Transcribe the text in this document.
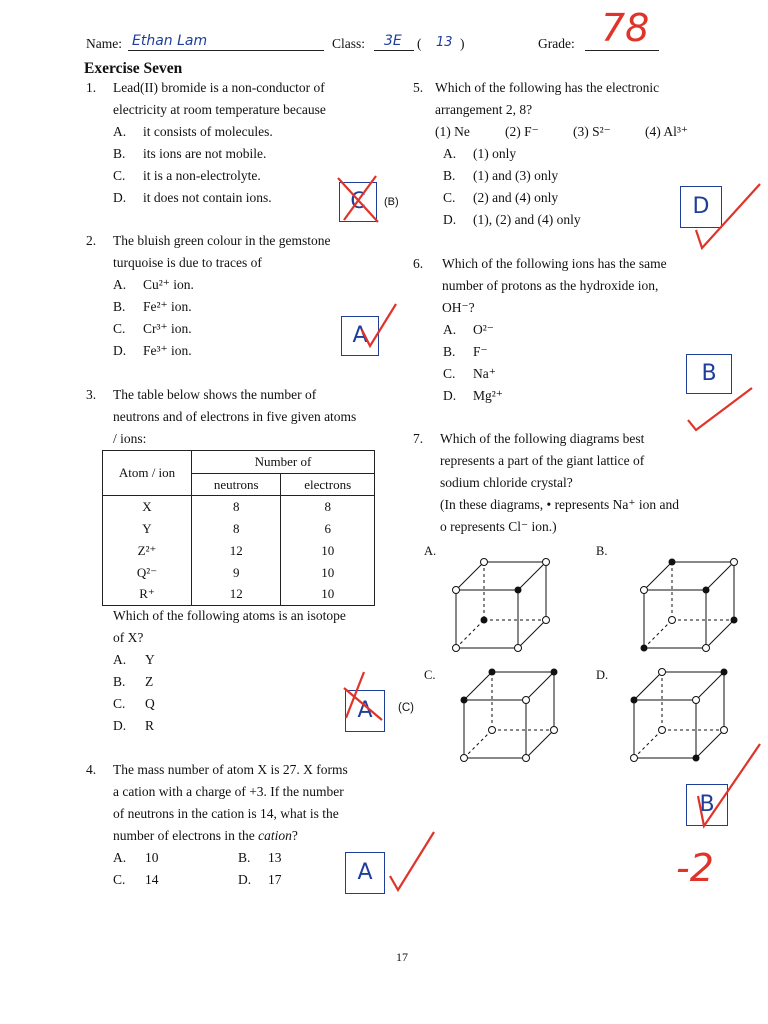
Name: Ethan Lam	Class: 3E ( 13 )	Grade: 78
Exercise Seven
1. Lead(II) bromide is a non-conductor of
electricity at room temperature because
A. it consists of molecules.
B. its ions are not mobile.
C. it is a non-electrolyte.
D. it does not contain ions.	C	(B)
2. The bluish green colour in the gemstone
turquoise is due to traces of
A. Cu²⁺ ion.
B. Fe²⁺ ion.
C. Cr³⁺ ion.
D. Fe³⁺ ion.
A
3. The table below shows the number of
neutrons and of electrons in five given atoms
/ ions:
Atom / ion	Number of	
	neutrons	electrons
X	8	8
Y	8	6
Z²⁺	12	10
Q²⁻	9	10
R⁺	12	10
Which of the following atoms is an isotope
of X?
A. Y
B. Z
C. Q
D. R
A	(C)
4. The mass number of atom X is 27. X forms
a cation with a charge of +3. If the number
of neutrons in the cation is 14, what is the
number of electrons in the cation?
A. 10	B. 13
C. 14	D. 17	A
5. Which of the following has the electronic
arrangement 2, 8?
(1) Ne	(2) F⁻	(3) S²⁻	(4) Al³⁺
A. (1) only
B. (1) and (3) only
C. (2) and (4) only
D. (1), (2) and (4) only
D
6. Which of the following ions has the same
number of protons as the hydroxide ion,
OH⁻?
A. O²⁻
B. F⁻
C. Na⁺
D. Mg²⁺
B
7. Which of the following diagrams best
represents a part of the giant lattice of
sodium chloride crystal?
(In these diagrams, • represents Na⁺ ion and
o represents Cl⁻ ion.)
A.	B.
C.	D.
B
-2
17
